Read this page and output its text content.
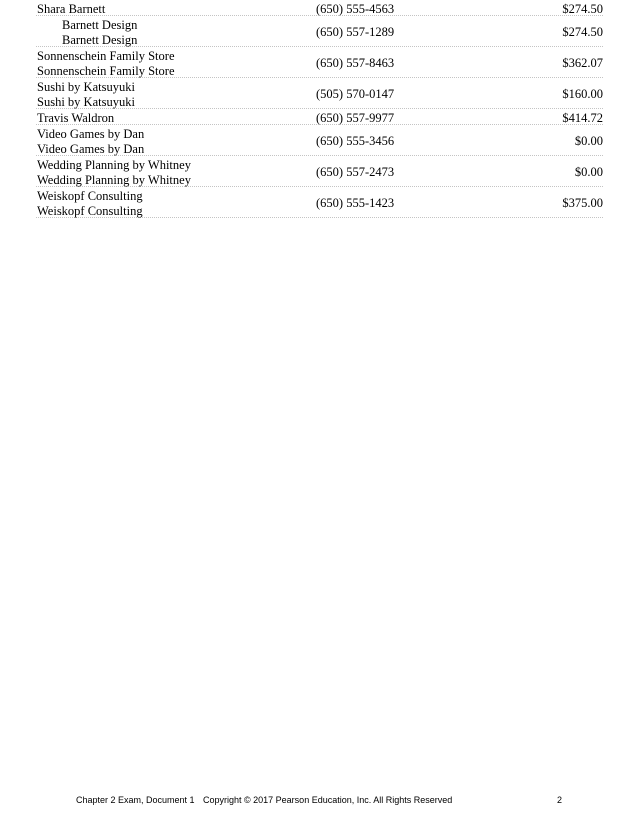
Shara Barnett	(650) 555-4563	$274.50
Barnett Design
Barnett Design
(650) 557-1289	$274.50
Sonnenschein Family Store
Sonnenschein Family Store
(650) 557-8463	$362.07
Sushi by Katsuyuki
Sushi by Katsuyuki
(505) 570-0147	$160.00
Travis Waldron	(650) 557-9977	$414.72
Video Games by Dan
Video Games by Dan
(650) 555-3456	$0.00
Wedding Planning by Whitney
Wedding Planning by Whitney
(650) 557-2473	$0.00
Weiskopf Consulting
Weiskopf Consulting
(650) 555-1423	$375.00
Chapter 2 Exam, Document 1 Copyright © 2017 Pearson Education, Inc. All Rights Reserved	2
